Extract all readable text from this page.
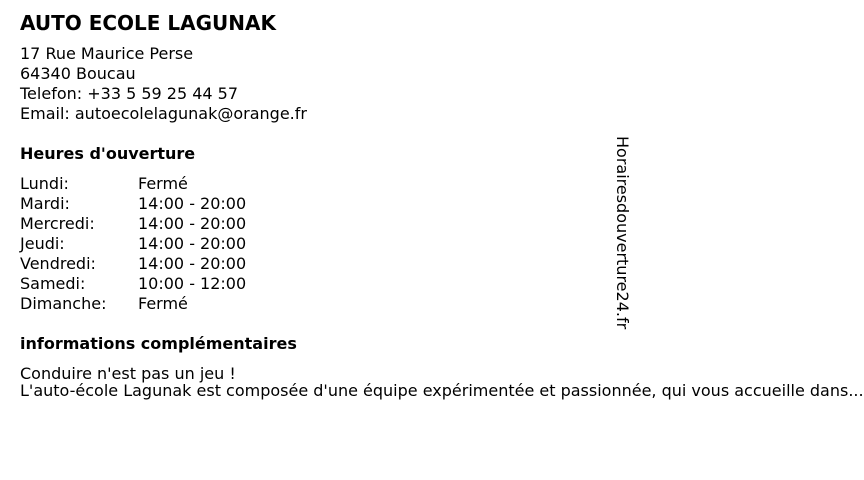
AUTO ECOLE LAGUNAK
17 Rue Maurice Perse
64340 Boucau
Telefon: +33 5 59 25 44 57
Email: autoecolelagunak@orange.fr
Heures d'ouverture
Lundi:	Fermé
Mardi:	14:00 - 20:00
Mercredi:	14:00 - 20:00
Jeudi:	14:00 - 20:00
Vendredi:	14:00 - 20:00
Samedi:	10:00 - 12:00
Dimanche: Fermé
informations complémentaires
Conduire n'est pas un jeu !
L'auto-école Lagunak est composée d'une équipe expérimentée et passionnée, qui vous accueille dans...
Horairesdouverture24.fr
